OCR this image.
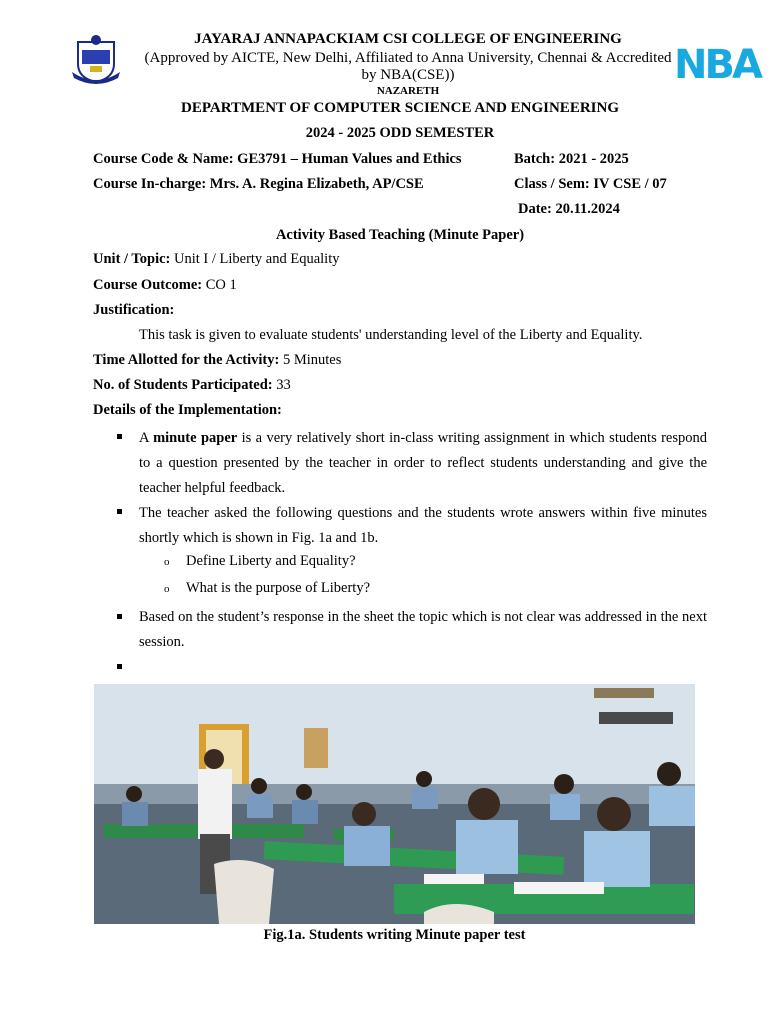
JAYARAJ ANNAPACKIAM CSI COLLEGE OF ENGINEERING
(Approved by AICTE, New Delhi, Affiliated to Anna University, Chennai & Accredited by NBA(CSE))
NAZARETH
NBA
DEPARTMENT OF COMPUTER SCIENCE AND ENGINEERING
2024 - 2025 ODD SEMESTER
Course Code & Name: GE3791 – Human Values and Ethics	Batch: 2021 - 2025
Course In-charge: Mrs. A. Regina Elizabeth, AP/CSE	Class / Sem: IV CSE / 07
Date: 20.11.2024
Activity Based Teaching (Minute Paper)
Unit / Topic: Unit I / Liberty and Equality
Course Outcome: CO 1
Justification:
This task is given to evaluate students' understanding level of the Liberty and Equality.
Time Allotted for the Activity: 5 Minutes
No. of Students Participated: 33
Details of the Implementation:
A minute paper is a very relatively short in-class writing assignment in which students respond to a question presented by the teacher in order to reflect students understanding and give the teacher helpful feedback.
The teacher asked the following questions and the students wrote answers within five minutes shortly which is shown in Fig. 1a and 1b.
o Define Liberty and Equality?
o What is the purpose of Liberty?
Based on the student’s response in the sheet the topic which is not clear was addressed in the next session.
Fig.1a. Students writing Minute paper test
